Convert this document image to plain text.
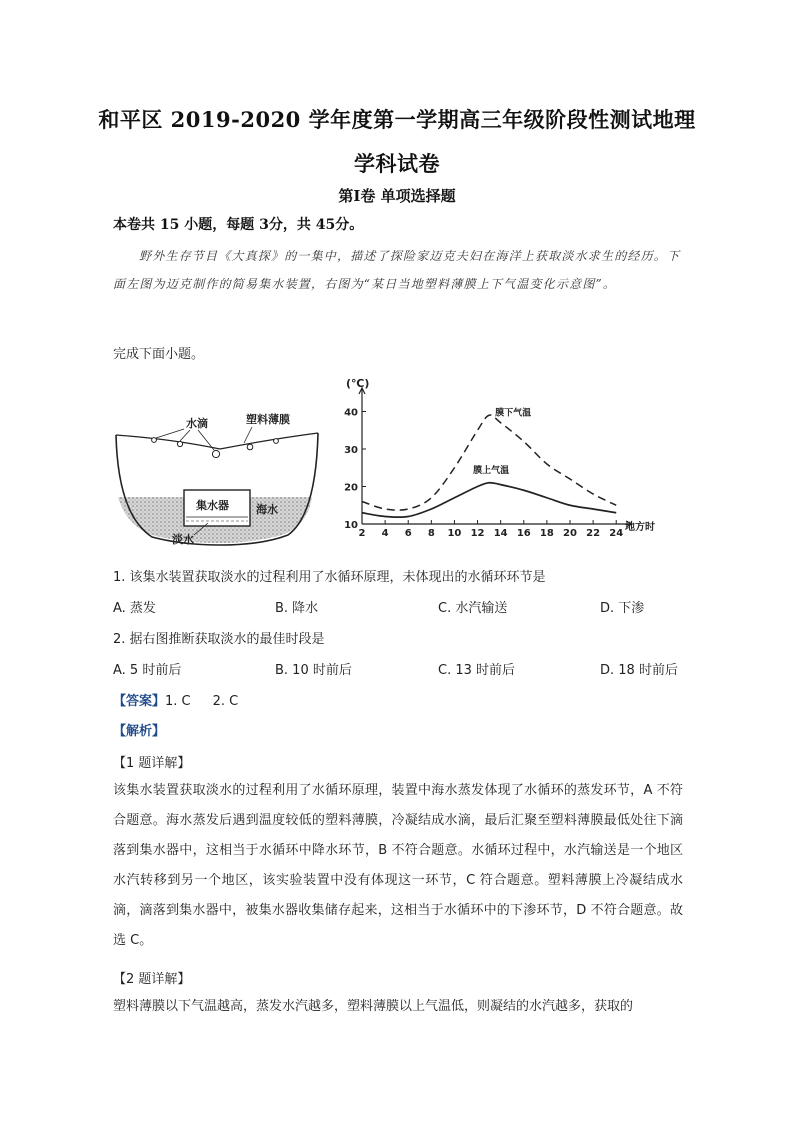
和平区 2019-2020 学年度第一学期高三年级阶段性测试地理
学科试卷
第Ⅰ卷 单项选择题
本卷共 15 小题，每题 3分，共 45分。
野外生存节目《大真探》的一集中，描述了探险家迈克夫妇在海洋上获取淡水求生的经历。下面左图为迈克制作的简易集水装置，右图为“某日当地塑料薄膜上下气温变化示意图”。
完成下面小题。
水滴	塑料薄膜
集水器 海水
淡水
(℃)
地方时
10
20
30
40
2 4 6 8 10 12 14 16 18 20 22 24
膜下气温
膜上气温
1. 该集水装置获取淡水的过程利用了水循环原理，未体现出的水循环环节是
A. 蒸发	B. 降水	C. 水汽输送	D. 下渗
2. 据右图推断获取淡水的最佳时段是
A. 5 时前后	B. 10 时前后	C. 13 时前后	D. 18 时前后
【答案】1. C 2. C
【解析】
【1 题详解】
该集水装置获取淡水的过程利用了水循环原理，装置中海水蒸发体现了水循环的蒸发环节，A 不符合题意。海水蒸发后遇到温度较低的塑料薄膜，冷凝结成水滴，最后汇聚至塑料薄膜最低处往下滴落到集水器中，这相当于水循环中降水环节，B 不符合题意。水循环过程中，水汽输送是一个地区水汽转移到另一个地区，该实验装置中没有体现这一环节，C 符合题意。塑料薄膜上冷凝结成水滴，滴落到集水器中，被集水器收集储存起来，这相当于水循环中的下渗环节，D 不符合题意。故选 C。
【2 题详解】
塑料薄膜以下气温越高，蒸发水汽越多，塑料薄膜以上气温低，则凝结的水汽越多，获取的
